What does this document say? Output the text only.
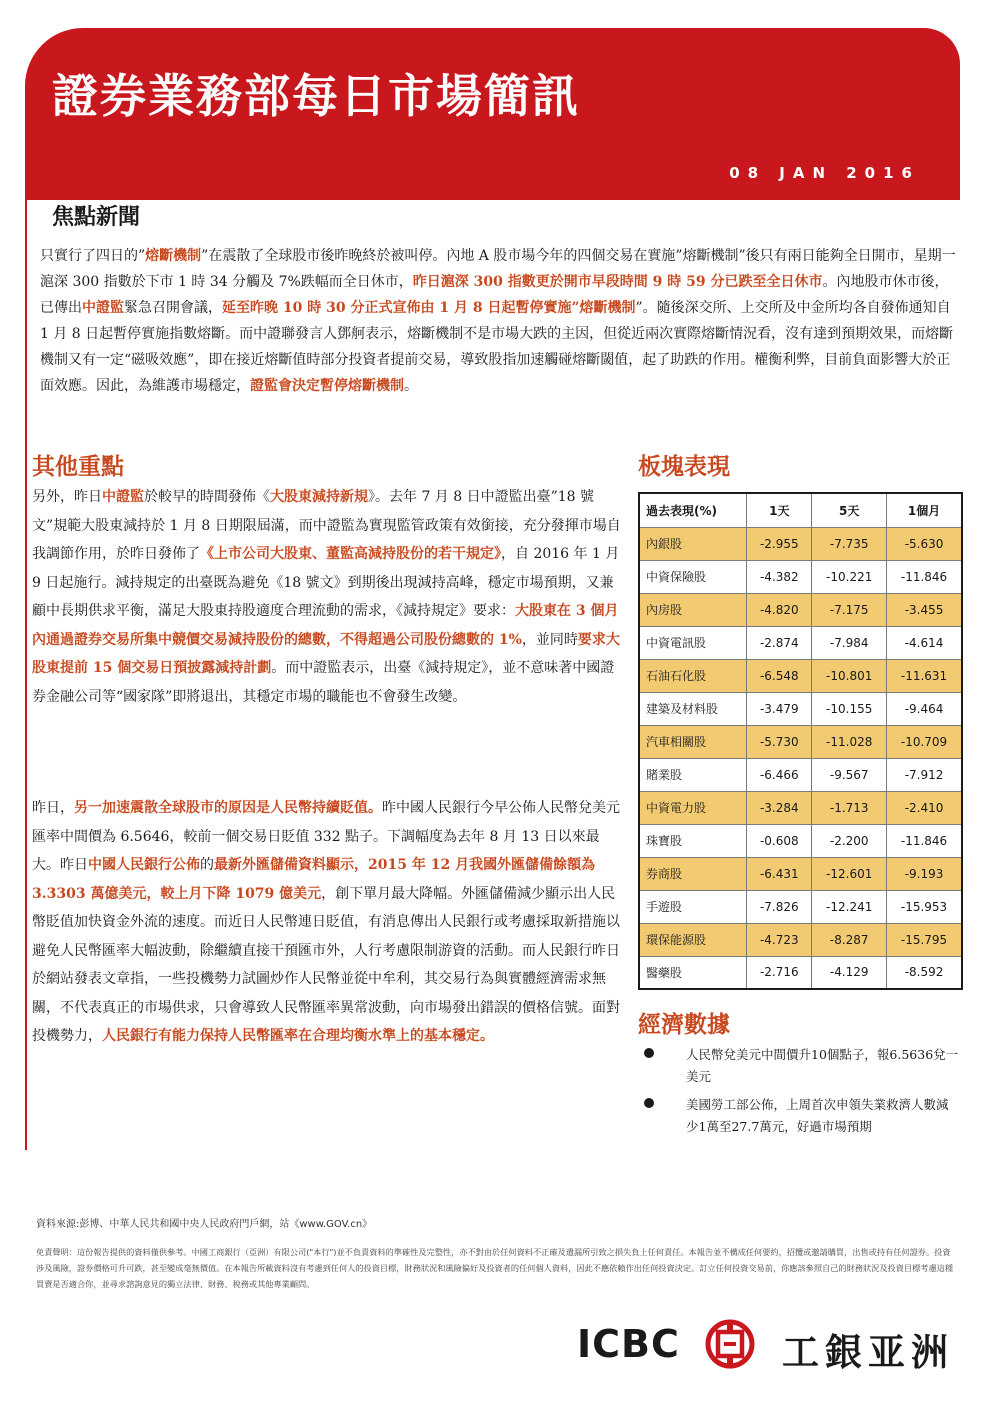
證券業務部每日市場簡訊
08 JAN 2016
焦點新聞
只實行了四日的”熔斷機制”在震散了全球股市後昨晚終於被叫停。內地 A 股市場今年的四個交易在實施”熔斷機制”後只有兩日能夠全日開市，星期一滬深 300 指數於下市 1 時 34 分觸及 7%跌幅而全日休市，昨日滬深 300 指數更於開市早段時間 9 時 59 分已跌至全日休市。內地股市休市後，已傳出中證監緊急召開會議，延至昨晚 10 時 30 分正式宣佈由 1 月 8 日起暫停實施”熔斷機制”。隨後深交所、上交所及中金所均各自發佈通知自 1 月 8 日起暫停實施指數熔斷。而中證聯發言人鄧舸表示，熔斷機制不是市場大跌的主因，但從近兩次實際熔斷情況看，沒有達到預期效果，而熔斷機制又有一定“磁吸效應”，即在接近熔斷值時部分投資者提前交易，導致股指加速觸碰熔斷閾值，起了助跌的作用。權衡利弊，目前負面影響大於正面效應。因此，為維護市場穩定，證監會決定暫停熔斷機制。
其他重點
另外，昨日中證監於較早的時間發佈《大股東減持新規》。去年 7 月 8 日中證監出臺”18 號文”規範大股東減持於 1 月 8 日期限屆滿，而中證監為實現監管政策有效銜接，充分發揮市場自我調節作用，於昨日發佈了《上市公司大股東、董監高減持股份的若干規定》，自 2016 年 1 月 9 日起施行。減持規定的出臺既為避免《18 號文》到期後出現減持高峰，穩定市場預期，又兼顧中長期供求平衡，滿足大股東持股適度合理流動的需求，《減持規定》要求：大股東在 3 個月內通過證券交易所集中競價交易減持股份的總數，不得超過公司股份總數的 1%，並同時要求大股東提前 15 個交易日預披露減持計劃。而中證監表示，出臺《減持規定》，並不意味著中國證券金融公司等“國家隊”即將退出，其穩定市場的職能也不會發生改變。
昨日，另一加速震散全球股市的原因是人民幣持續貶值。昨中國人民銀行今早公佈人民幣兌美元匯率中間價為 6.5646，較前一個交易日貶值 332 點子。下調幅度為去年 8 月 13 日以來最大。昨日中國人民銀行公佈的最新外匯儲備資料顯示，2015 年 12 月我國外匯儲備餘額為 3.3303 萬億美元，較上月下降 1079 億美元，創下單月最大降幅。外匯儲備減少顯示出人民幣貶值加快資金外流的速度。而近日人民幣連日貶值，有消息傳出人民銀行或考慮採取新措施以避免人民幣匯率大幅波動，除繼續直接干預匯市外，人行考慮限制游資的活動。而人民銀行昨日於網站發表文章指，一些投機勢力試圖炒作人民幣並從中牟利，其交易行為與實體經濟需求無關，不代表真正的市場供求，只會導致人民幣匯率異常波動，向市場發出錯誤的價格信號。面對投機勢力，人民銀行有能力保持人民幣匯率在合理均衡水準上的基本穩定。
板塊表現
過去表現(%)	1天	5天	1個月
內銀股	-2.955	-7.735	-5.630
中資保險股	-4.382	-10.221	-11.846
內房股	-4.820	-7.175	-3.455
中資電訊股	-2.874	-7.984	-4.614
石油石化股	-6.548	-10.801	-11.631
建築及材料股	-3.479	-10.155	-9.464
汽車相關股	-5.730	-11.028	-10.709
賭業股	-6.466	-9.567	-7.912
中資電力股	-3.284	-1.713	-2.410
珠寶股	-0.608	-2.200	-11.846
券商股	-6.431	-12.601	-9.193
手遊股	-7.826	-12.241	-15.953
環保能源股	-4.723	-8.287	-15.795
醫藥股	-2.716	-4.129	-8.592
經濟數據
人民幣兌美元中間價升10個點子，報6.5636兌一美元
美國勞工部公佈，上周首次申領失業救濟人數減少1萬至27.7萬元，好過市場預期
資料來源:彭博、中華人民共和國中央人民政府門戶網，站《www.GOV.cn》
免責聲明：這份報告提供的資料僅供參考。中國工商銀行（亞洲）有限公司("本行")並不負責資料的準確性及完整性，亦不對由於任何資料不正確及遺漏所引致之損失負上任何責任。本報告並不構成任何要約，招攬或邀請購買，出售或持有任何證券。投資涉及風險，證券價格可升可跌，甚至變成毫無價值。在本報告所載資料沒有考慮到任何人的投資目標，財務狀況和風險偏好及投資者的任何個人資料，因此不應依賴作出任何投資決定。訂立任何投資交易前，你應該參照自己的財務狀況及投資目標考慮這種買賣是否適合你，並尋求諮詢意見的獨立法律、財務、稅務或其他專業顧問。
ICBC	工銀亚洲
